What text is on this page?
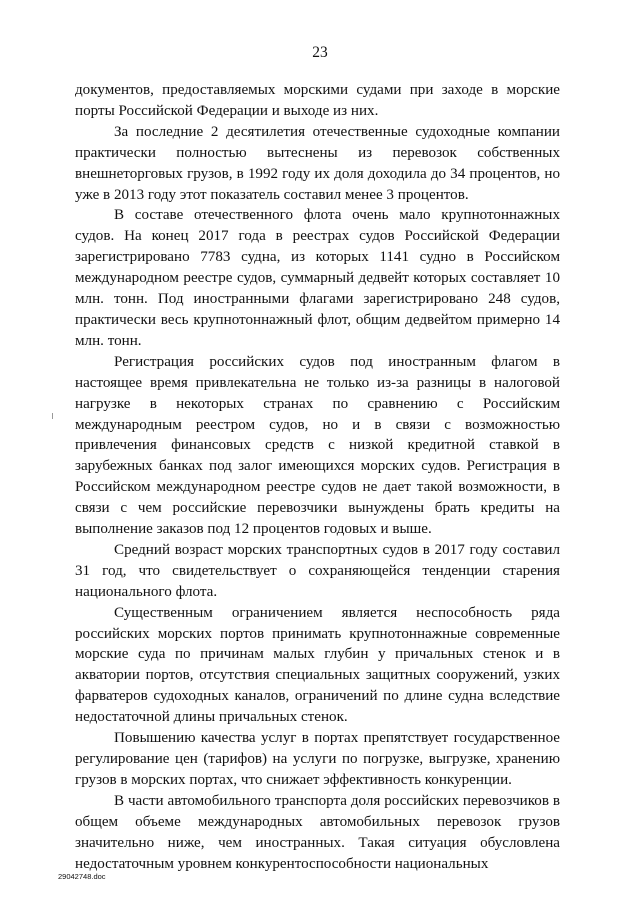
23

документов, предоставляемых морскими судами при заходе в морские порты Российской Федерации и выходе из них.

За последние 2 десятилетия отечественные судоходные компании практически полностью вытеснены из перевозок собственных внешнеторговых грузов, в 1992 году их доля доходила до 34 процентов, но уже в 2013 году этот показатель составил менее 3 процентов.

В составе отечественного флота очень мало крупнотоннажных судов. На конец 2017 года в реестрах судов Российской Федерации зарегистрировано 7783 судна, из которых 1141 судно в Российском международном реестре судов, суммарный дедвейт которых составляет 10 млн. тонн. Под иностранными флагами зарегистрировано 248 судов, практически весь крупнотоннажный флот, общим дедвейтом примерно 14 млн. тонн.

Регистрация российских судов под иностранным флагом в настоящее время привлекательна не только из-за разницы в налоговой нагрузке в некоторых странах по сравнению с Российским международным реестром судов, но и в связи с возможностью привлечения финансовых средств с низкой кредитной ставкой в зарубежных банках под залог имеющихся морских судов. Регистрация в Российском международном реестре судов не дает такой возможности, в связи с чем российские перевозчики вынуждены брать кредиты на выполнение заказов под 12 процентов годовых и выше.

Средний возраст морских транспортных судов в 2017 году составил 31 год, что свидетельствует о сохраняющейся тенденции старения национального флота.

Существенным ограничением является неспособность ряда российских морских портов принимать крупнотоннажные современные морские суда по причинам малых глубин у причальных стенок и в акватории портов, отсутствия специальных защитных сооружений, узких фарватеров судоходных каналов, ограничений по длине судна вследствие недостаточной длины причальных стенок.

Повышению качества услуг в портах препятствует государственное регулирование цен (тарифов) на услуги по погрузке, выгрузке, хранению грузов в морских портах, что снижает эффективность конкуренции.

В части автомобильного транспорта доля российских перевозчиков в общем объеме международных автомобильных перевозок грузов значительно ниже, чем иностранных. Такая ситуация обусловлена недостаточным уровнем конкурентоспособности национальных

29042748.doc
